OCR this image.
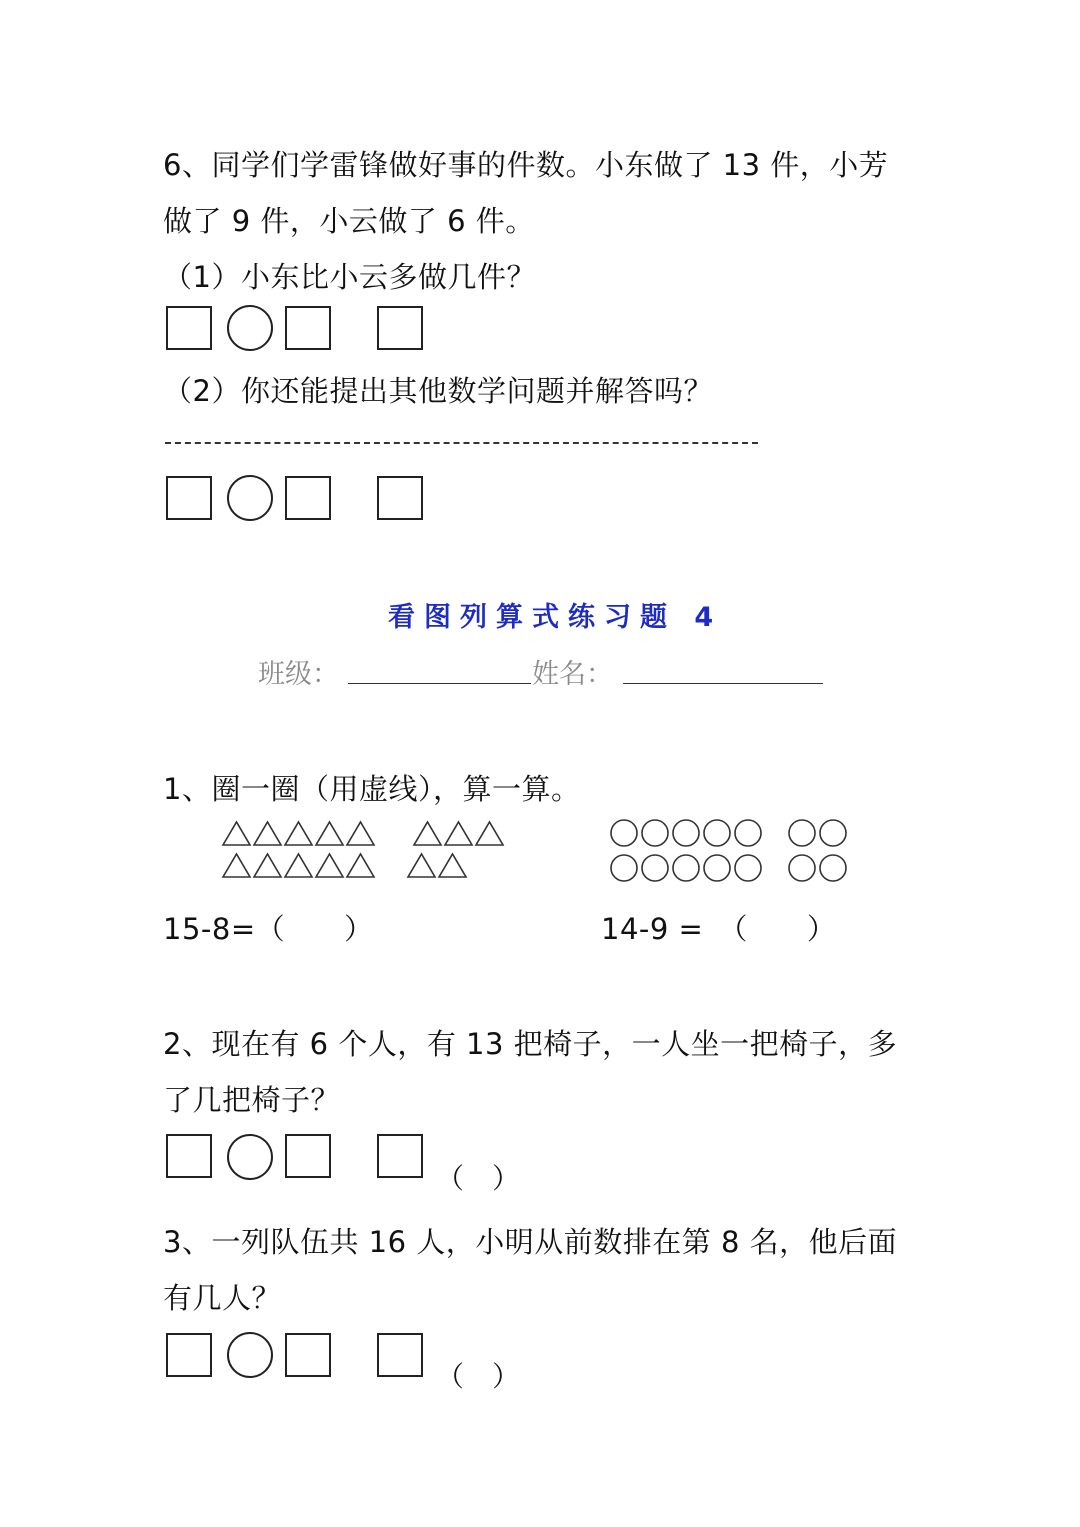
6、同学们学雷锋做好事的件数。小东做了 13 件，小芳
做了 9 件，小云做了 6 件。
（1）小东比小云多做几件？
（2）你还能提出其他数学问题并解答吗？
看图列算式练习题 4
班级：	姓名：
1、圈一圈（用虚线），算一算。
15-8=（　　）	14-9 =　（　　）
2、现在有 6 个人，有 13 把椅子，一人坐一把椅子，多
了几把椅子？
（　）
3、一列队伍共 16 人，小明从前数排在第 8 名，他后面
有几人？
（　）
